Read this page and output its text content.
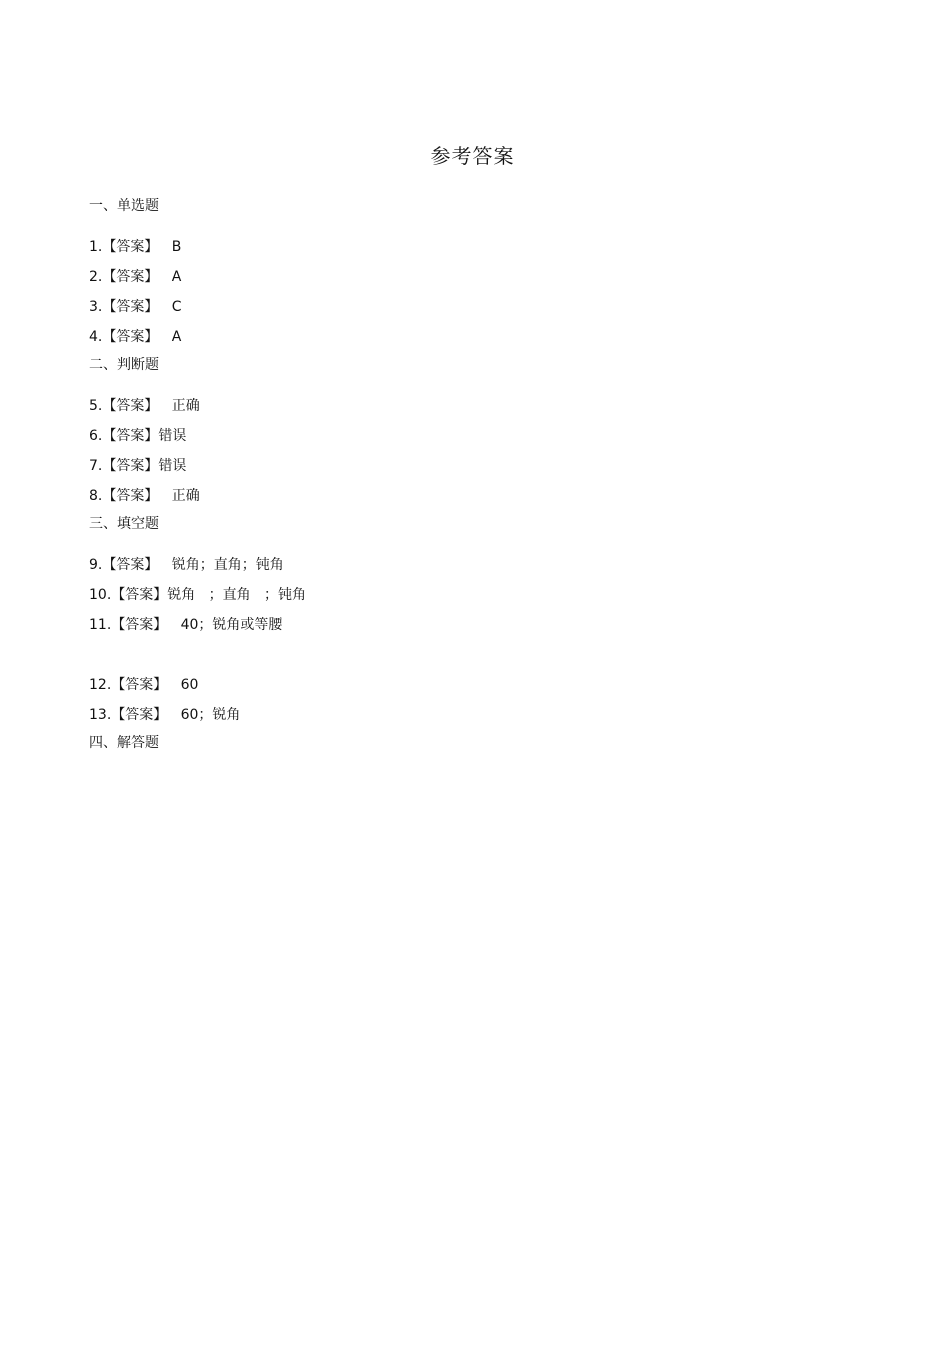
参考答案
一、单选题
1.【答案】   B
2.【答案】   A
3.【答案】   C
4.【答案】   A
二、判断题
5.【答案】   正确
6.【答案】错误
7.【答案】错误
8.【答案】   正确
三、填空题
9.【答案】   锐角；直角；钝角
10.【答案】锐角   ；直角   ；钝角
11.【答案】   40；锐角或等腰
12.【答案】   60
13.【答案】   60；锐角
四、解答题
